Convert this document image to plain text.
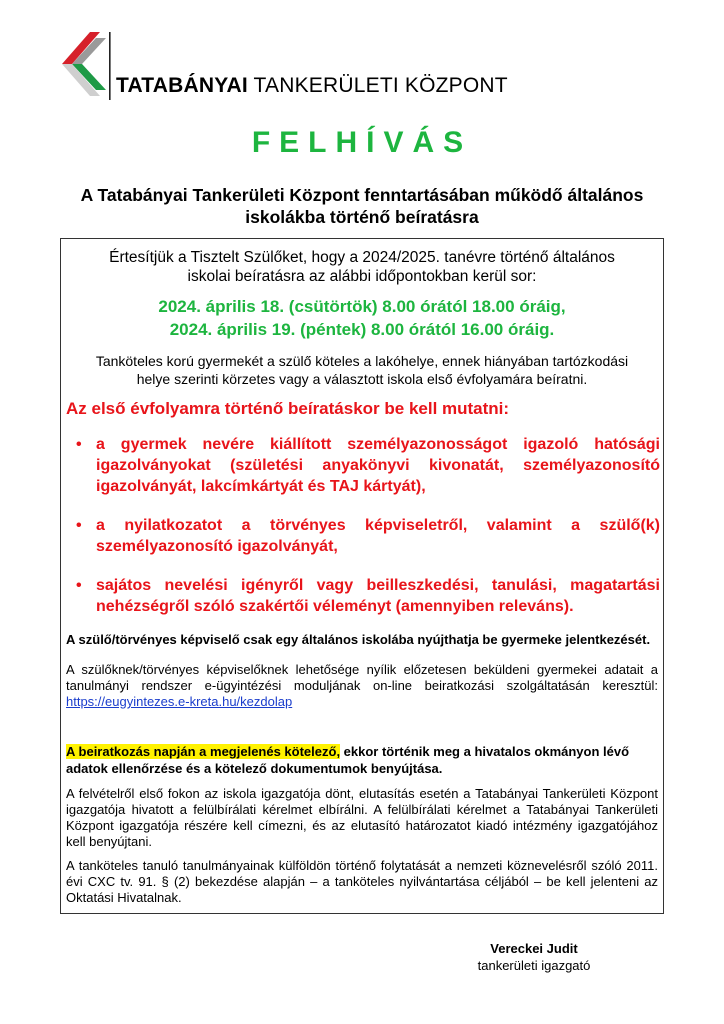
TATABÁNYAI TANKERÜLETI KÖZPONT
FELHÍVÁS
A Tatabányai Tankerületi Központ fenntartásában működő általános
iskolákba történő beíratásra
Értesítjük a Tisztelt Szülőket, hogy a 2024/2025. tanévre történő általános
iskolai beíratásra az alábbi időpontokban kerül sor:
2024. április 18. (csütörtök) 8.00 órától 18.00 óráig,
2024. április 19. (péntek) 8.00 órától 16.00 óráig.
Tanköteles korú gyermekét a szülő köteles a lakóhelye, ennek hiányában tartózkodási
helye szerinti körzetes vagy a választott iskola első évfolyamára beíratni.
Az első évfolyamra történő beíratáskor be kell mutatni:
• a gyermek nevére kiállított személyazonosságot igazoló hatósági igazolványokat (születési anyakönyvi kivonatát, személyazonosító igazolványát, lakcímkártyát és TAJ kártyát),
• a nyilatkozatot a törvényes képviseletről, valamint a szülő(k) személyazonosító igazolványát,
• sajátos nevelési igényről vagy beilleszkedési, tanulási, magatartási nehézségről szóló szakértői véleményt (amennyiben releváns).
A szülő/törvényes képviselő csak egy általános iskolába nyújthatja be gyermeke jelentkezését.
A szülőknek/törvényes képviselőknek lehetősége nyílik előzetesen beküldeni gyermekei adatait a tanulmányi rendszer e-ügyintézési moduljának on-line beiratkozási szolgáltatásán keresztül: https://eugyintezes.e-kreta.hu/kezdolap
A beiratkozás napján a megjelenés kötelező, ekkor történik meg a hivatalos okmányon lévő adatok ellenőrzése és a kötelező dokumentumok benyújtása.
A felvételről első fokon az iskola igazgatója dönt, elutasítás esetén a Tatabányai Tankerületi Központ igazgatója hivatott a felülbírálati kérelmet elbírálni. A felülbírálati kérelmet a Tatabányai Tankerületi Központ igazgatója részére kell címezni, és az elutasító határozatot kiadó intézmény igazgatójához kell benyújtani.
A tanköteles tanuló tanulmányainak külföldön történő folytatását a nemzeti köznevelésről szóló 2011. évi CXC tv. 91. § (2) bekezdése alapján – a tanköteles nyilvántartása céljából – be kell jelenteni az Oktatási Hivatalnak.
Vereckei Judit
tankerületi igazgató
